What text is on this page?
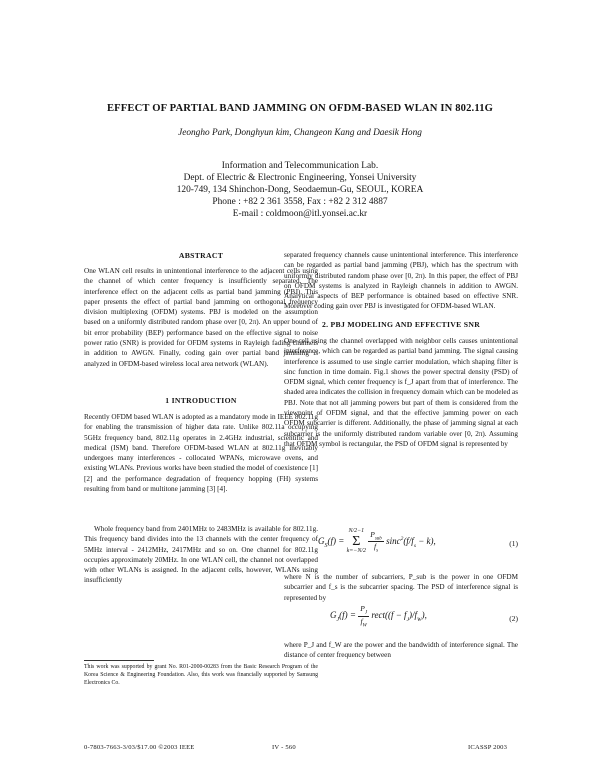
EFFECT OF PARTIAL BAND JAMMING ON OFDM-BASED WLAN IN 802.11G
Jeongho Park, Donghyun kim, Changeon Kang and Daesik Hong
Information and Telecommunication Lab.
Dept. of Electric & Electronic Engineering, Yonsei University
120-749, 134 Shinchon-Dong, Seodaemun-Gu, SEOUL, KOREA
Phone : +82 2 361 3558, Fax : +82 2 312 4887
E-mail : coldmoon@itl.yonsei.ac.kr
ABSTRACT

One WLAN cell results in unintentional interference to the adjacent cells using the channel of which center frequency is insufficiently separated. The interference effect on the adjacent cells as partial band jamming (PBJ). This paper presents the effect of partial band jamming on orthogonal frequency division multiplexing (OFDM) systems. PBJ is modeled on the assumption based on a uniformly distributed random phase over [0, 2π). An upper bound of bit error probability (BEP) performance based on the effective signal to noise power ratio (SNR) is provided for OFDM systems in Rayleigh fading channels in addition to AWGN. Finally, coding gain over partial band jamming is analyzed in OFDM-based wireless local area network (WLAN).

1 INTRODUCTION

Recently OFDM based WLAN is adopted as a mandatory mode in IEEE 802.11g for enabling the transmission of higher data rate. Unlike 802.11a occupying 5GHz frequency band, 802.11g operates in 2.4GHz industrial, scientific and medical (ISM) band. Therefore OFDM-based WLAN at 802.11g inevitably undergoes many interferences - collocated WPANs, microwave ovens, and existing WLANs. Previous works have been studied the model of coexistence [1] [2] and the performance degradation of frequency hopping (FH) systems resulting from band or multitone jamming [3] [4].

Whole frequency band from 2401MHz to 2483MHz is available for 802.11g. This frequency band divides into the 13 channels with the center frequency of 5MHz interval - 2412MHz, 2417MHz and so on. One channel for 802.11g occupies approximately 20MHz. In one WLAN cell, the channel not overlapped with other WLANs is assigned. In the adjacent cells, however, WLANs using insufficiently

This work was supported by grant No. R01-2000-00283 from the Basic Research Program of the Korea Science & Engineering Foundation. Also, this work was financially supported by Samsung Electronics Co.

separated frequency channels cause unintentional interference. This interference can be regarded as partial band jamming (PBJ), which has the spectrum with uniformly distributed random phase over [0, 2π). In this paper, the effect of PBJ on OFDM systems is analyzed in Rayleigh channels in addition to AWGN. Analytical aspects of BEP performance is obtained based on effective SNR. Moreover coding gain over PBJ is investigated for OFDM-based WLAN.

2. PBJ MODELING AND EFFECTIVE SNR

One cell using the channel overlapped with neighbor cells causes unintentional interference, which can be regarded as partial band jamming. The signal causing interference is assumed to use single carrier modulation, which shaping filter is sinc function in time domain. Fig.1 shows the power spectral density (PSD) of OFDM signal, which center frequency is f_J apart from that of interference. The shaded area indicates the collision in frequency domain which can be modeled as PBJ. Note that not all jamming powers but part of them is considered from the viewpoint of OFDM signal, and that the effective jamming power on each OFDM subcarrier is different. Additionally, the phase of jamming signal at each subcarrier is the uniformly distributed random variable over [0, 2π). Assuming that OFDM symbol is rectangular, the PSD of OFDM signal is represented by

$G_S(f)$ =
N/2−1
Σ
k=−N/2
$\frac{P_{sub}}{f_s} \sin c^2(f/f_s - k)$,	(1)

where N is the number of subcarriers, P_sub is the power in one OFDM subcarrier and f_s is the subcarrier spacing. The PSD of interference signal is represented by

$G_J(f) = \frac{P_J}{f_W}$ rect((f − $f_J)/f_W$),	(2)

where P_J and f_W are the power and the bandwidth of interference signal. The distance of center frequency between

0-7803-7663-3/03/$17.00 ©2003 IEEE	IV - 560	ICASSP 2003
